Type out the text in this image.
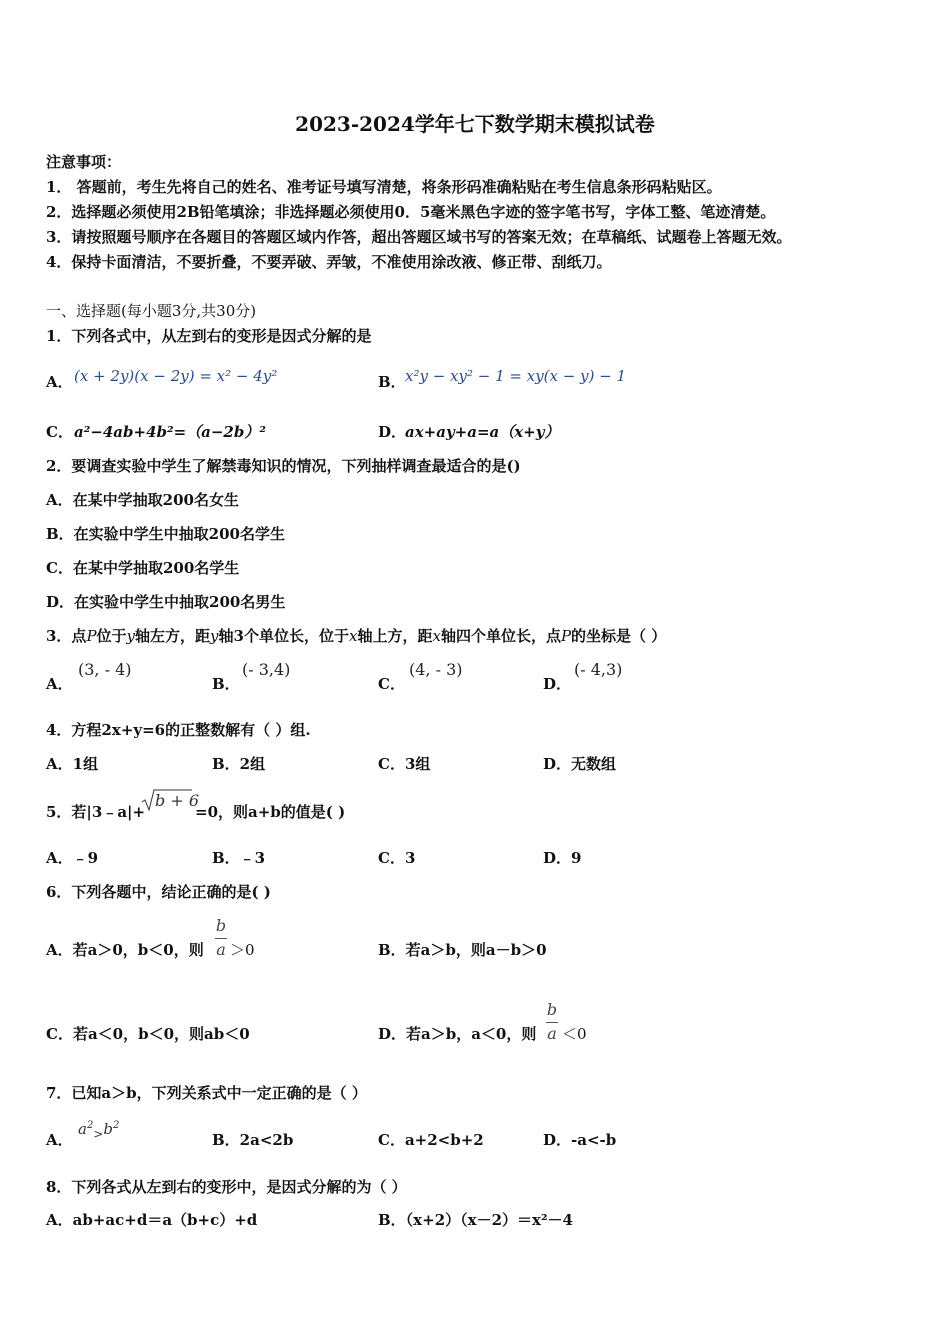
2023-2024学年七下数学期末模拟试卷
注意事项：
1． 答题前，考生先将自己的姓名、准考证号填写清楚，将条形码准确粘贴在考生信息条形码粘贴区。
2．选择题必须使用2B铅笔填涂；非选择题必须使用0．5毫米黑色字迹的签字笔书写，字体工整、笔迹清楚。
3．请按照题号顺序在各题目的答题区域内作答，超出答题区域书写的答案无效；在草稿纸、试题卷上答题无效。
4．保持卡面清洁，不要折叠，不要弄破、弄皱，不准使用涂改液、修正带、刮纸刀。
一、选择题(每小题3分,共30分)
1．下列各式中，从左到右的变形是因式分解的是
A． (x + 2y)(x − 2y) = x² − 4y²	B． x²y − xy² − 1 = xy(x − y) − 1
C． a²−4ab+4b²=（a−2b）²	D．
ax+ay+a=a（x+y）
2．要调查实验中学生了解禁毒知识的情况，下列抽样调查最适合的是()
A．在某中学抽取200名女生
B．在实验中学生中抽取200名学生
C．在某中学抽取200名学生
D．在实验中学生中抽取200名男生
3．点P位于y轴左方，距y轴3个单位长，位于x轴上方，距x轴四个单位长，点P的坐标是（ ）
A．
(3, - 4)
B．
(- 3,4)
C．
(4, - 3)
D．
(- 4,3)
4．方程2x+y=6的正整数解有（ ）组.
A．1组	B．2组	C．3组	D．无数组
5．若|3﹣a|+
b + 6
=0，则a+b的值是( )
A．﹣9	B．﹣3	C．3	D．9
6．下列各题中，结论正确的是( )
A．若a＞0，b＜0，则
b
a ＞0	B．若a＞b，则a－b＞0
C．若a＜0，b＜0，则ab＜0	D．若a＞b，a＜0，则
b
a ＜0
7．已知a＞b，下列关系式中一定正确的是（ ）
A．
$a^2_>b^2$
B．2a<2b	C．a+2<b+2	D．-a<-b
8．下列各式从左到右的变形中，是因式分解的为（ ）
A．ab+ac+d＝a（b+c）+d	B．（x+2）（x－2）＝x²－4
